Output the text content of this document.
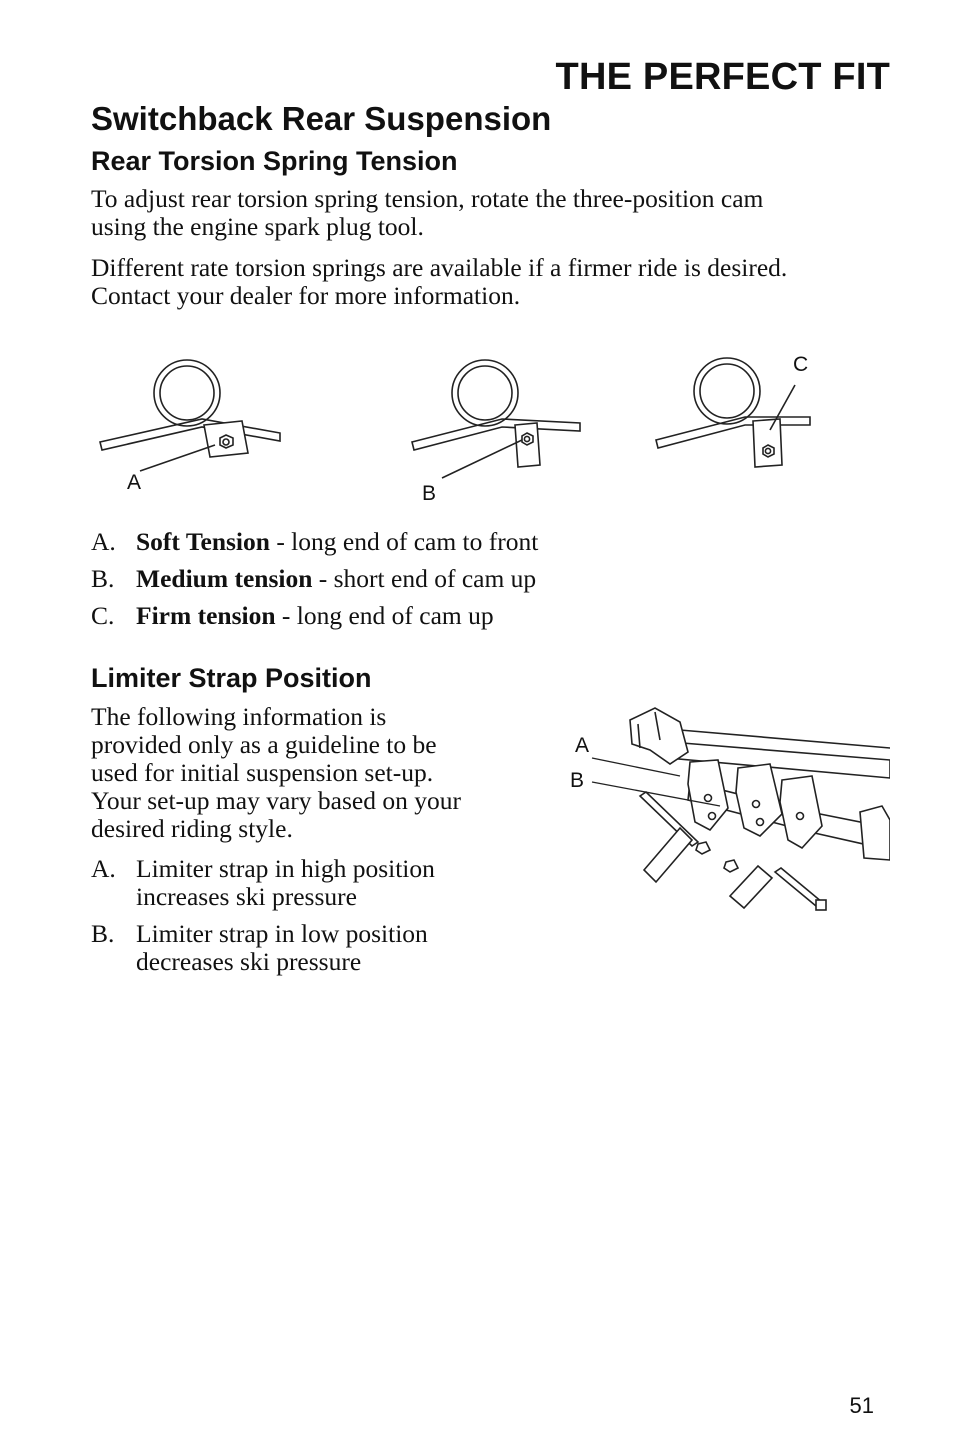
THE PERFECT FIT
Switchback Rear Suspension
Rear Torsion Spring Tension
To adjust rear torsion spring tension, rotate the three-position cam
using the engine spark plug tool.
Different rate torsion springs are available if a firmer ride is desired.
Contact your dealer for more information.
A	B
C
A. Soft Tension - long end of cam to front
B. Medium tension - short end of cam up
C. Firm tension - long end of cam up
Limiter Strap Position
The following information is
provided only as a guideline to be
used for initial suspension set-up.
Your set-up may vary based on your
desired riding style.
A. Limiter strap in high position
increases ski pressure
B. Limiter strap in low position
decreases ski pressure
A
B
51
